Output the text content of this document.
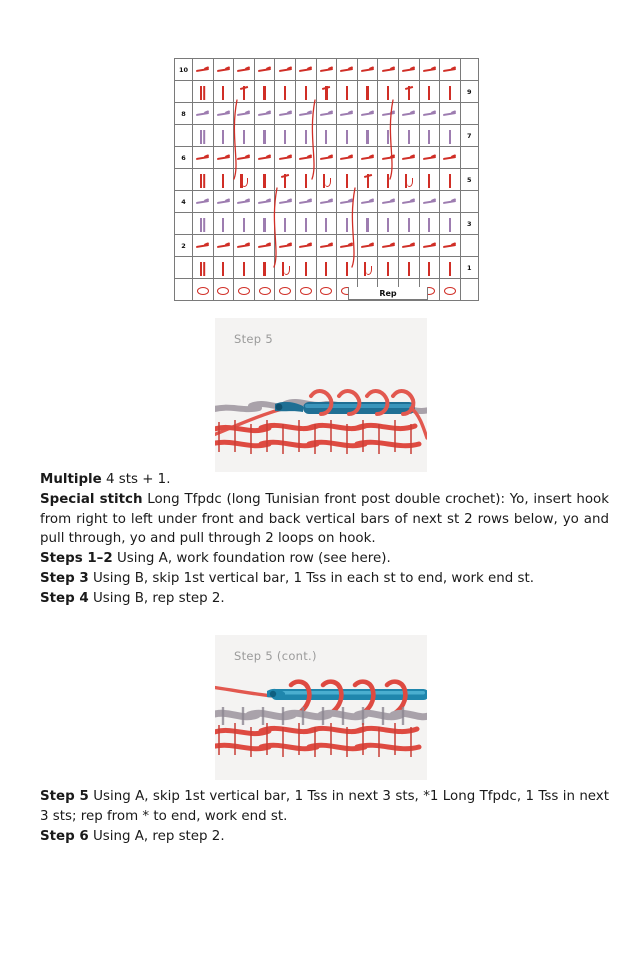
10														
														9
8														
														7
6														
														5
4														
														3
2														
														1

Rep
Step 5

Multiple 4 sts + 1.

Special stitch Long Tfpdc (long Tunisian front post double crochet): Yo, insert hook from right to left under front and back vertical bars of next st 2 rows below, yo and pull through, yo and pull through 2 loops on hook.

Steps 1–2 Using A, work foundation row (see here).

Step 3 Using B, skip 1st vertical bar, 1 Tss in each st to end, work end st.

Step 4 Using B, rep step 2.

Step 5 (cont.)

Step 5 Using A, skip 1st vertical bar, 1 Tss in next 3 sts, *1 Long Tfpdc, 1 Tss in next 3 sts; rep from * to end, work end st.

Step 6 Using A, rep step 2.
